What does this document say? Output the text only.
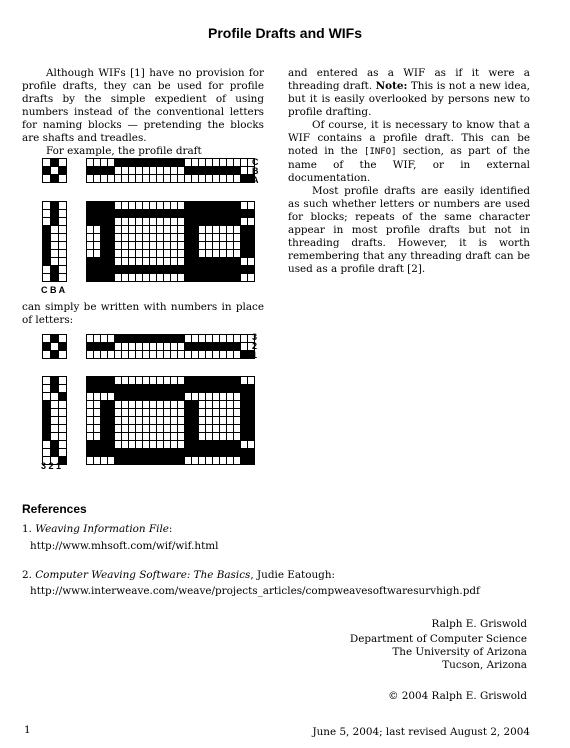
Profile Drafts and WIFs

Although WIFs [1] have no provision for profile drafts, they can be used for profile drafts by the simple expedient of using numbers instead of the conventional letters for naming blocks — pretending the blocks are shafts and treadles.

For example, the profile draft

can simply be written with numbers in place of letters:

and entered as a WIF as if it were a threading draft. Note: This is not a new idea, but it is easily overlooked by persons new to profile drafting.

Of course, it is necessary to know that a WIF contains a profile draft. This can be noted in the [INFO] section, as part of the name of the WIF, or in external documentation.

Most profile drafts are easily identified as such whether letters or numbers are used for blocks; repeats of the same character appear in most profile drafts but not in threading drafts. However, it is worth remembering that any threading draft can be used as a profile draft [2].

C
B
A
C B A
3
2
1
3 2 1
References
1. Weaving Information File:
http://www.mhsoft.com/wif/wif.html
2. Computer Weaving Software: The Basics, Judie Eatough:
http://www.interweave.com/weave/projects_articles/compweavesoftwaresurvhigh.pdf
Ralph E. Griswold
Department of Computer Science
The University of Arizona
Tucson, Arizona
© 2004 Ralph E. Griswold
1	June 5, 2004; last revised August 2, 2004
